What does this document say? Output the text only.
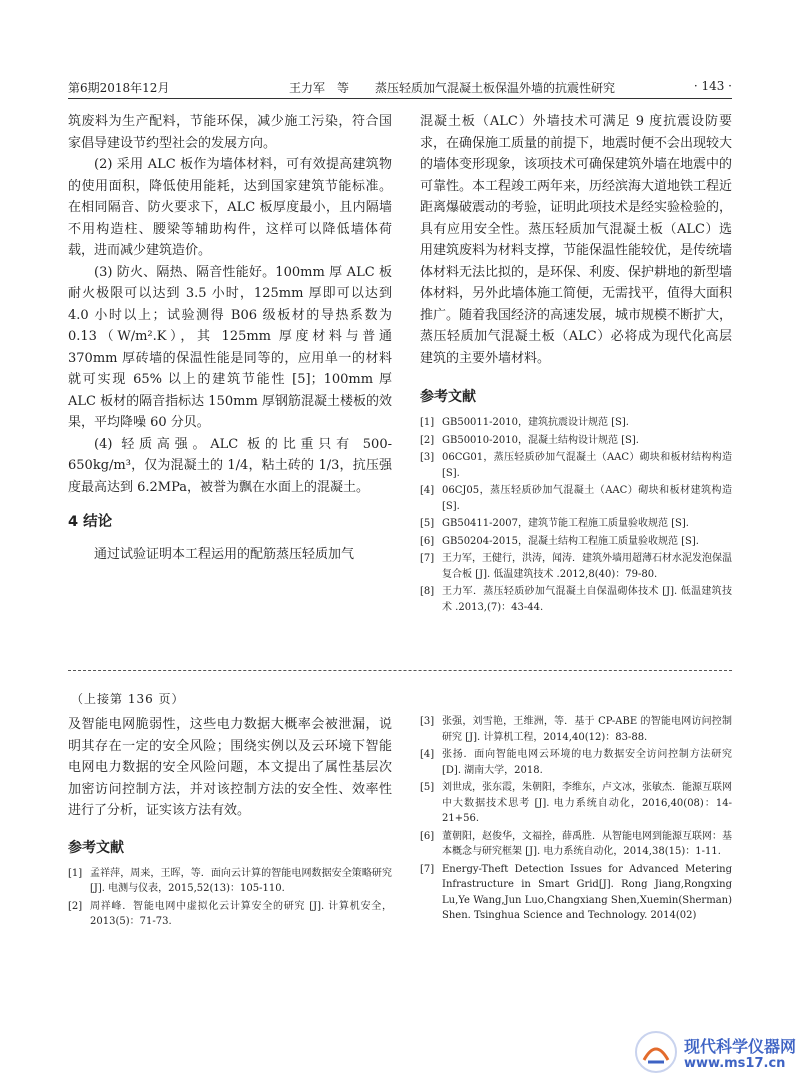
第6期2018年12月	王力军　等 蒸压轻质加气混凝土板保温外墙的抗震性研究	· 143 ·

筑废料为生产配料，节能环保，减少施工污染，符合国家倡导建设节约型社会的发展方向。

(2) 采用 ALC 板作为墙体材料，可有效提高建筑物的使用面积，降低使用能耗，达到国家建筑节能标准。在相同隔音、防火要求下，ALC 板厚度最小，且内隔墙不用构造柱、腰梁等辅助构件，这样可以降低墙体荷载，进而减少建筑造价。

(3) 防火、隔热、隔音性能好。100mm 厚 ALC 板耐火极限可以达到 3.5 小时，125mm 厚即可以达到 4.0 小时以上；试验测得 B06 级板材的导热系数为 0.13（W/m².K），其 125mm 厚度材料与普通 370mm 厚砖墙的保温性能是同等的，应用单一的材料就可实现 65% 以上的建筑节能性 [5]；100mm 厚 ALC 板材的隔音指标达 150mm 厚钢筋混凝土楼板的效果，平均降噪 60 分贝。

(4) 轻质高强。ALC 板的比重只有 500-650kg/m³，仅为混凝土的 1/4，粘土砖的 1/3，抗压强度最高达到 6.2MPa，被誉为飘在水面上的混凝土。

4 结论

通过试验证明本工程运用的配筋蒸压轻质加气

混凝土板（ALC）外墙技术可满足 9 度抗震设防要求，在确保施工质量的前提下，地震时便不会出现较大的墙体变形现象，该项技术可确保建筑外墙在地震中的可靠性。本工程竣工两年来，历经滨海大道地铁工程近距离爆破震动的考验，证明此项技术是经实验检验的，具有应用安全性。蒸压轻质加气混凝土板（ALC）选用建筑废料为材料支撑，节能保温性能较优，是传统墙体材料无法比拟的，是环保、利废、保护耕地的新型墙体材料，另外此墙体施工简便，无需找平，值得大面积推广。随着我国经济的高速发展，城市规模不断扩大，蒸压轻质加气混凝土板（ALC）必将成为现代化高层建筑的主要外墙材料。

参考文献
[1] GB50011-2010，建筑抗震设计规范 [S].
[2] GB50010-2010，混凝土结构设计规范 [S].
[3] 06CG01，蒸压轻质砂加气混凝土（AAC）砌块和板材结构构造 [S].
[4] 06CJ05，蒸压轻质砂加气混凝土（AAC）砌块和板材建筑构造 [S].
[5] GB50411-2007，建筑节能工程施工质量验收规范 [S].
[6] GB50204-2015，混凝土结构工程施工质量验收规范 [S].
[7] 王力军，王健行，洪涛，闻涛．建筑外墙用超薄石材水泥发泡保温复合板 [J]. 低温建筑技术 .2012,8(40)：79-80.
[8] 王力军．蒸压轻质砂加气混凝土自保温砌体技术 [J]. 低温建筑技术 .2013,(7)：43-44.
（上接第 136 页）

及智能电网脆弱性，这些电力数据大概率会被泄漏，说明其存在一定的安全风险；围绕实例以及云环境下智能电网电力数据的安全风险问题，本文提出了属性基层次加密访问控制方法，并对该控制方法的安全性、效率性进行了分析，证实该方法有效。

参考文献
[1] 孟祥萍，周来，王晖，等．面向云计算的智能电网数据安全策略研究 [J]. 电测与仪表，2015,52(13)：105-110.
[2] 周祥峰．智能电网中虚拟化云计算安全的研究 [J]. 计算机安全，2013(5)：71-73.
[3] 张强，刘雪艳，王维洲，等．基于 CP-ABE 的智能电网访问控制研究 [J]. 计算机工程，2014,40(12)：83-88.
[4] 张扬．面向智能电网云环境的电力数据安全访问控制方法研究 [D]. 湖南大学，2018.
[5] 刘世成，张东霞，朱朝阳，李维东，卢文冰，张敏杰．能源互联网中大数据技术思考 [J]. 电力系统自动化，2016,40(08)：14-21+56.
[6] 董朝阳，赵俊华，文福拴，薛禹胜．从智能电网到能源互联网：基本概念与研究框架 [J]. 电力系统自动化，2014,38(15)：1-11.
[7] Energy-Theft Detection Issues for Advanced Metering Infrastructure in Smart Grid[J]. Rong Jiang,Rongxing Lu,Ye Wang,Jun Luo,Changxiang Shen,Xuemin(Sherman) Shen. Tsinghua Science and Technology. 2014(02)
现代科学仪器网
www.ms17.cn
